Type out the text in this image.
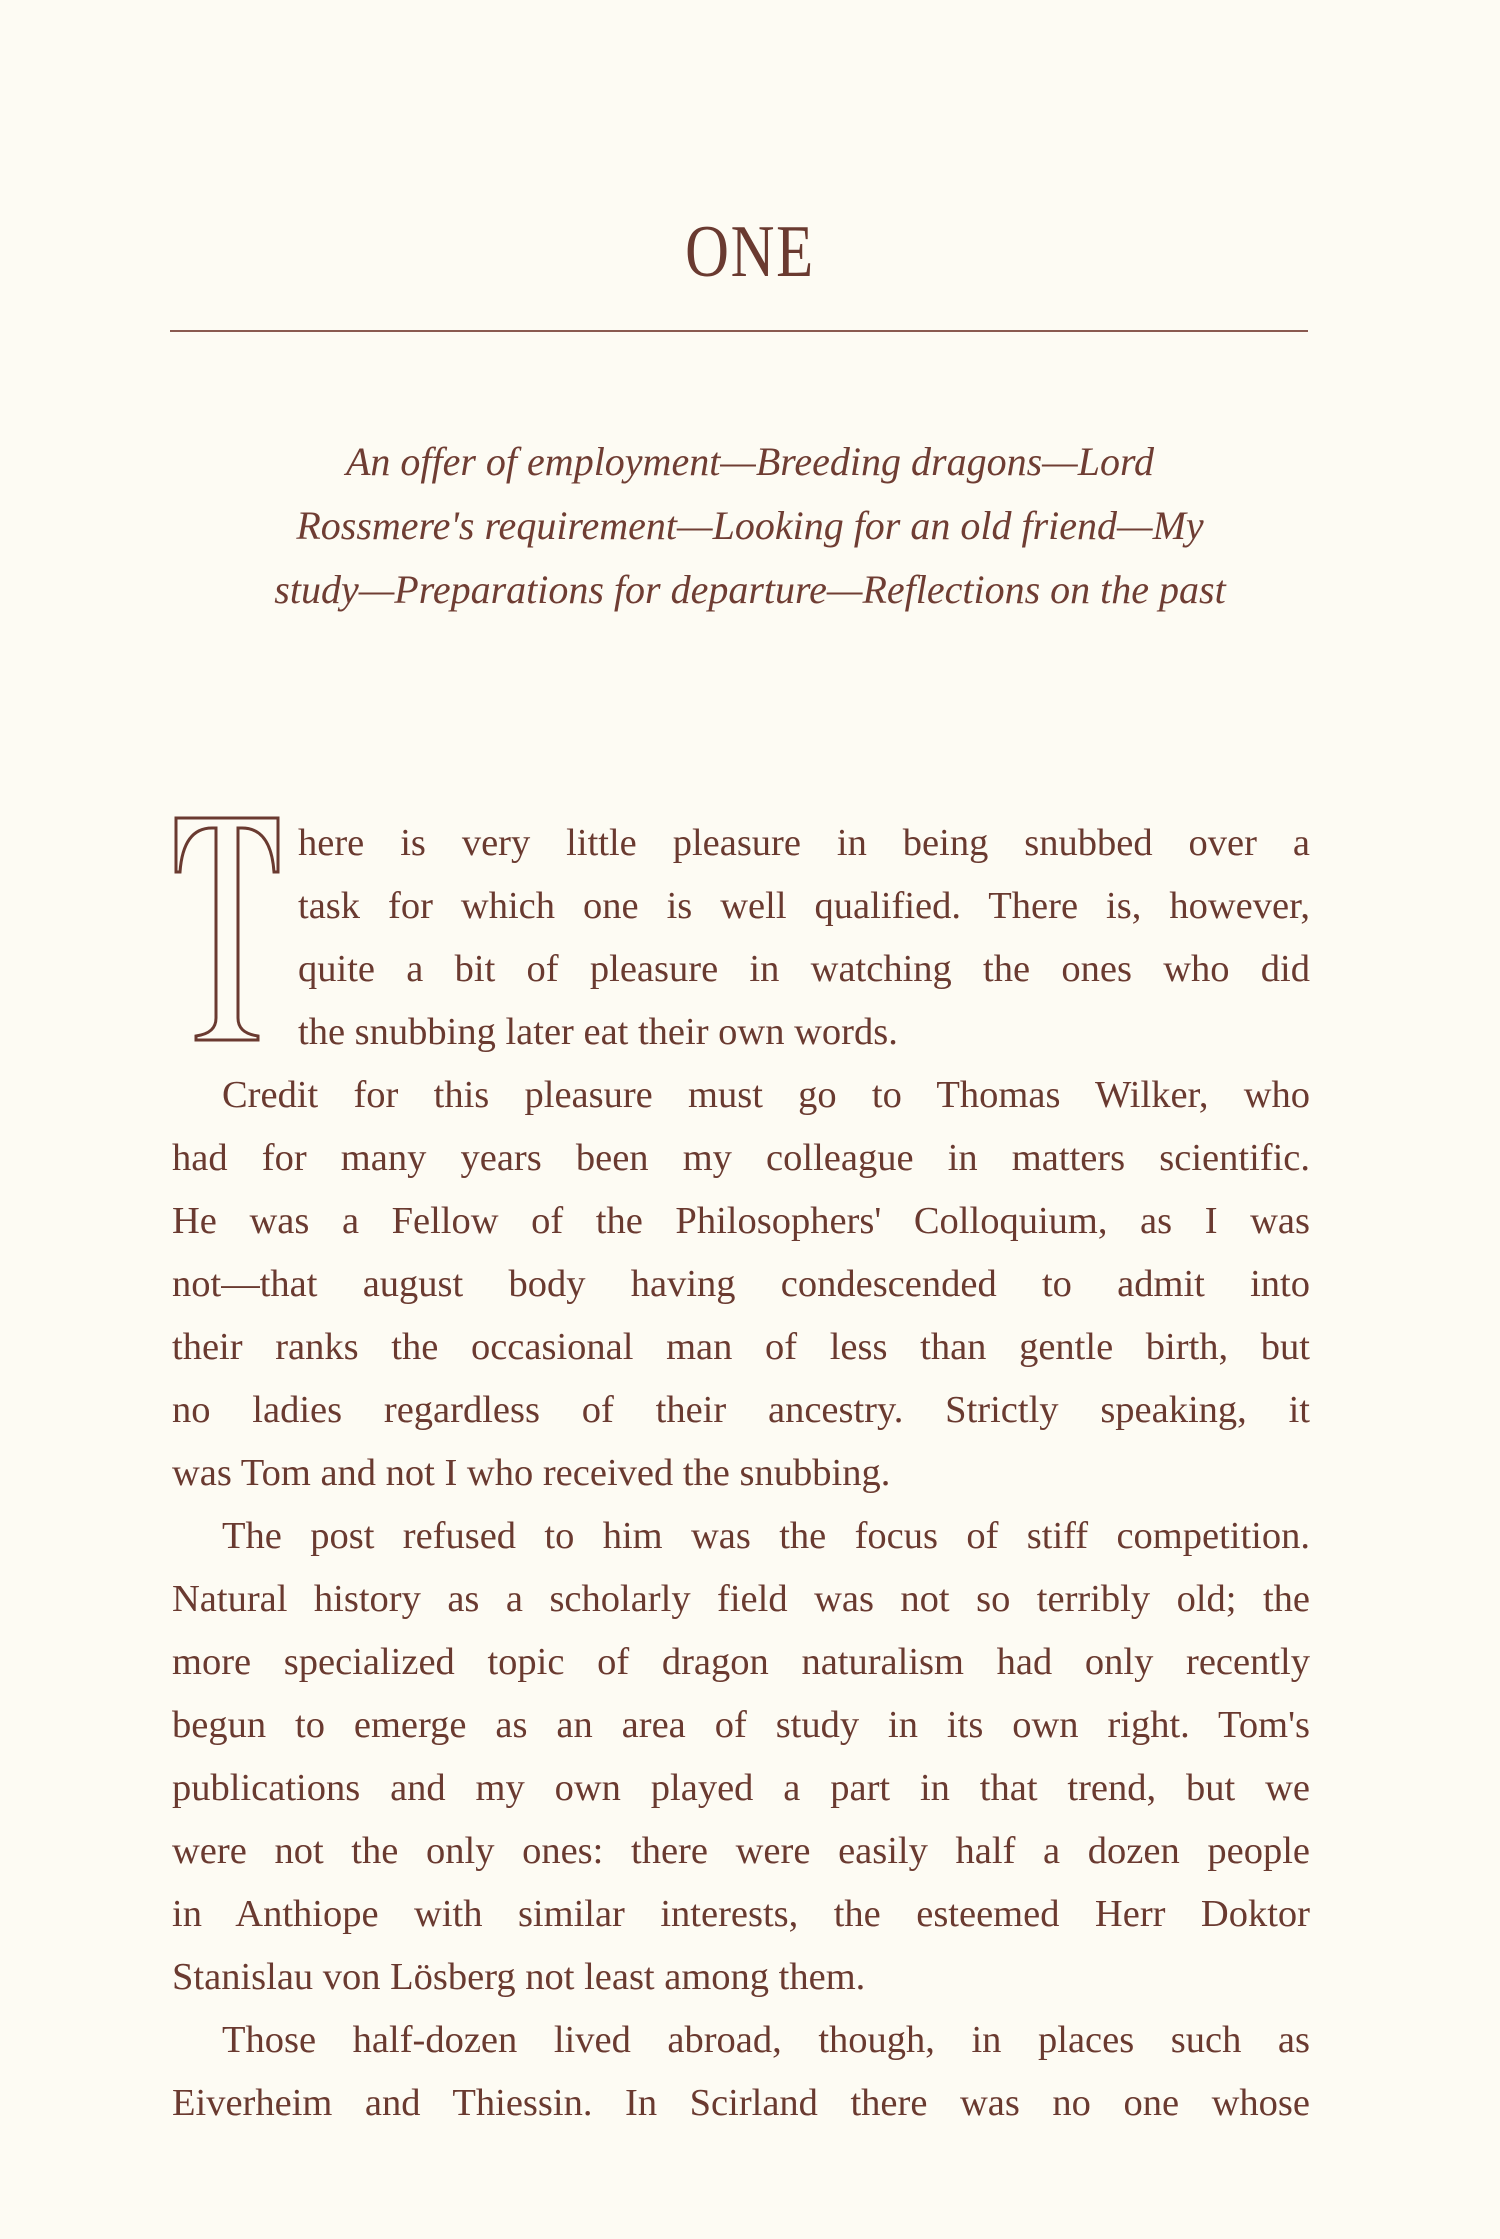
ONE

An offer of employment—Breeding dragons—Lord

Rossmere's requirement—Looking for an old friend—My

study—Preparations for departure—Reflections on the past

T
here is very little pleasure in being snubbed over a
task for which one is well qualified. There is, however,
quite a bit of pleasure in watching the ones who did
the snubbing later eat their own words.
Credit for this pleasure must go to Thomas Wilker, who
had for many years been my colleague in matters scientific.
He was a Fellow of the Philosophers' Colloquium, as I was
not—that august body having condescended to admit into
their ranks the occasional man of less than gentle birth, but
no ladies regardless of their ancestry. Strictly speaking, it
was Tom and not I who received the snubbing.
The post refused to him was the focus of stiff competition.
Natural history as a scholarly field was not so terribly old; the
more specialized topic of dragon naturalism had only recently
begun to emerge as an area of study in its own right. Tom's
publications and my own played a part in that trend, but we
were not the only ones: there were easily half a dozen people
in Anthiope with similar interests, the esteemed Herr Doktor
Stanislau von Lösberg not least among them.
Those half-dozen lived abroad, though, in places such as
Eiverheim and Thiessin. In Scirland there was no one whose
